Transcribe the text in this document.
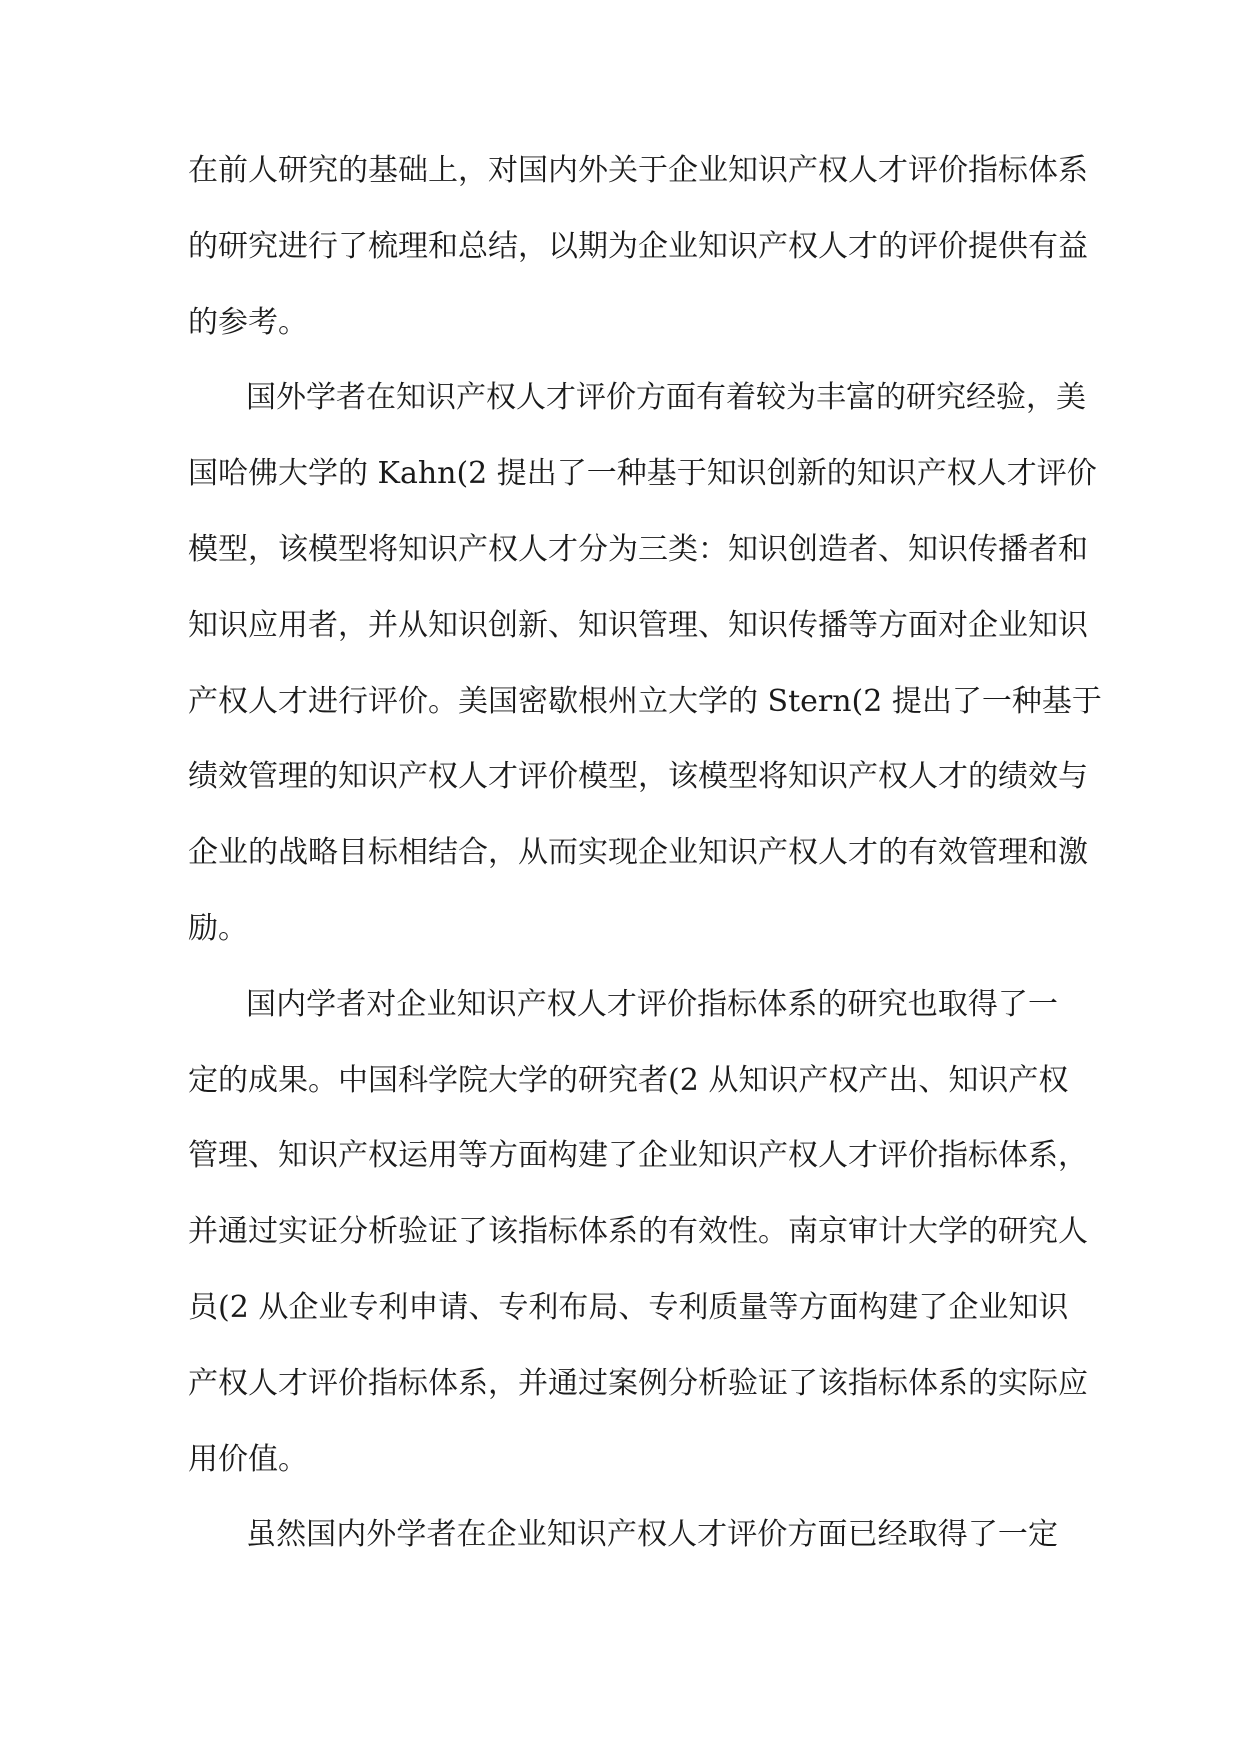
在前人研究的基础上，对国内外关于企业知识产权人才评价指标体系
的研究进行了梳理和总结，以期为企业知识产权人才的评价提供有益
的参考。
国外学者在知识产权人才评价方面有着较为丰富的研究经验，美
国哈佛大学的 Kahn(2 提出了一种基于知识创新的知识产权人才评价
模型，该模型将知识产权人才分为三类：知识创造者、知识传播者和
知识应用者，并从知识创新、知识管理、知识传播等方面对企业知识
产权人才进行评价。美国密歇根州立大学的 Stern(2 提出了一种基于
绩效管理的知识产权人才评价模型，该模型将知识产权人才的绩效与
企业的战略目标相结合，从而实现企业知识产权人才的有效管理和激
励。
国内学者对企业知识产权人才评价指标体系的研究也取得了一
定的成果。中国科学院大学的研究者(2 从知识产权产出、知识产权
管理、知识产权运用等方面构建了企业知识产权人才评价指标体系，
并通过实证分析验证了该指标体系的有效性。南京审计大学的研究人
员(2 从企业专利申请、专利布局、专利质量等方面构建了企业知识
产权人才评价指标体系，并通过案例分析验证了该指标体系的实际应
用价值。
虽然国内外学者在企业知识产权人才评价方面已经取得了一定
